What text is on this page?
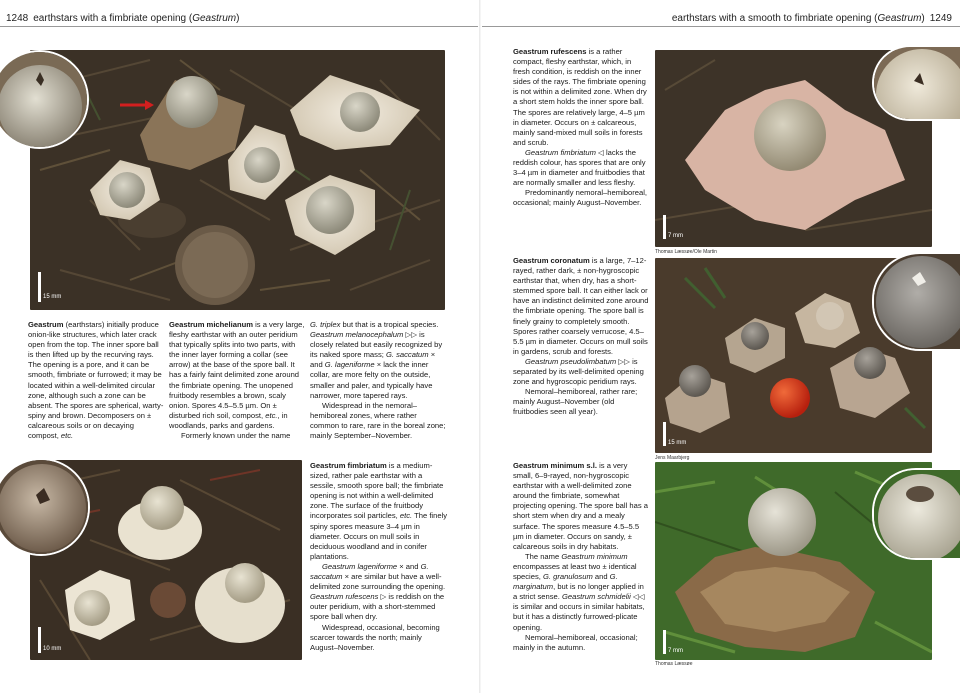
1248 earthstars with a fimbriate opening (Geastrum)	earthstars with a smooth to fimbriate opening (Geastrum) 1249
15 mm
10 mm
7 mm
Thomas Læssøe/Ole Martin
15 mm
Jens Maarbjerg
7 mm
Thomas Læssøe

Geastrum (earthstars) initially produce onion-like structures, which later crack open from the top. The inner spore ball is then lifted up by the recurving rays. The opening is a pore, and it can be smooth, fimbriate or furrowed; it may be located within a well-delimited circular zone, although such a zone can be absent. The spores are spherical, warty-spiny and brown. Decomposers on ± calcareous soils or on decaying compost, etc.

Geastrum michelianum is a very large, fleshy earthstar with an outer peridium that typically splits into two parts, with the inner layer forming a collar (see arrow) at the base of the spore ball. It has a fairly faint delimited zone around the fimbriate opening. The unopened fruitbody resembles a brown, scaly onion. Spores 4.5–5.5 µm. On ± disturbed rich soil, compost, etc., in woodlands, parks and gardens.

Formerly known under the name

G. triplex but that is a tropical species. Geastrum melanocephalum ▷▷ is closely related but easily recognized by its naked spore mass; G. saccatum × and G. lageniforme × lack the inner collar, are more felty on the outside, smaller and paler, and typically have narrower, more tapered rays.

Widespread in the nemoral–hemiboreal zones, where rather common to rare, rare in the boreal zone; mainly September–November.

Geastrum fimbriatum is a medium-sized, rather pale earthstar with a sessile, smooth spore ball; the fimbriate opening is not within a well-delimited zone. The surface of the fruitbody incorporates soil particles, etc. The finely spiny spores measure 3–4 µm in diameter. Occurs on mull soils in deciduous woodland and in conifer plantations.

Geastrum lageniforme × and G. saccatum × are similar but have a well-delimited zone surrounding the opening. Geastrum rufescens ▷ is reddish on the outer peridium, with a short-stemmed spore ball when dry.

Widespread, occasional, becoming scarcer towards the north; mainly August–November.

Geastrum rufescens is a rather compact, fleshy earthstar, which, in fresh condition, is reddish on the inner sides of the rays. The fimbriate opening is not within a delimited zone. When dry a short stem holds the inner spore ball. The spores are relatively large, 4–5 µm in diameter. Occurs on ± calcareous, mainly sand-mixed mull soils in forests and scrub.

Geastrum fimbriatum ◁ lacks the reddish colour, has spores that are only 3–4 µm in diameter and fruitbodies that are normally smaller and less fleshy.

Predominantly nemoral–hemiboreal, occasional; mainly August–November.

Geastrum coronatum is a large, 7–12-rayed, rather dark, ± non-hygroscopic earthstar that, when dry, has a short-stemmed spore ball. It can either lack or have an indistinct delimited zone around the fimbriate opening. The spore ball is finely grainy to completely smooth. Spores rather coarsely verrucose, 4.5–5.5 µm in diameter. Occurs on mull soils in gardens, scrub and forests.

Geastrum pseudolimbatum ▷▷ is separated by its well-delimited opening zone and hygroscopic peridium rays.

Nemoral–hemiboreal, rather rare; mainly August–November (old fruitbodies seen all year).

Geastrum minimum s.l. is a very small, 6–9-rayed, non-hygroscopic earthstar with a well-delimited zone around the fimbriate, somewhat projecting opening. The spore ball has a short stem when dry and a mealy surface. The spores measure 4.5–5.5 µm in diameter. Occurs on sandy, ± calcareous soils in dry habitats.

The name Geastrum minimum encompasses at least two ± identical species, G. granulosum and G. marginatum, but is no longer applied in a strict sense. Geastrum schmidelii ◁◁ is similar and occurs in similar habitats, but it has a distinctly furrowed-plicate opening.

Nemoral–hemiboreal, occasional; mainly in the autumn.
